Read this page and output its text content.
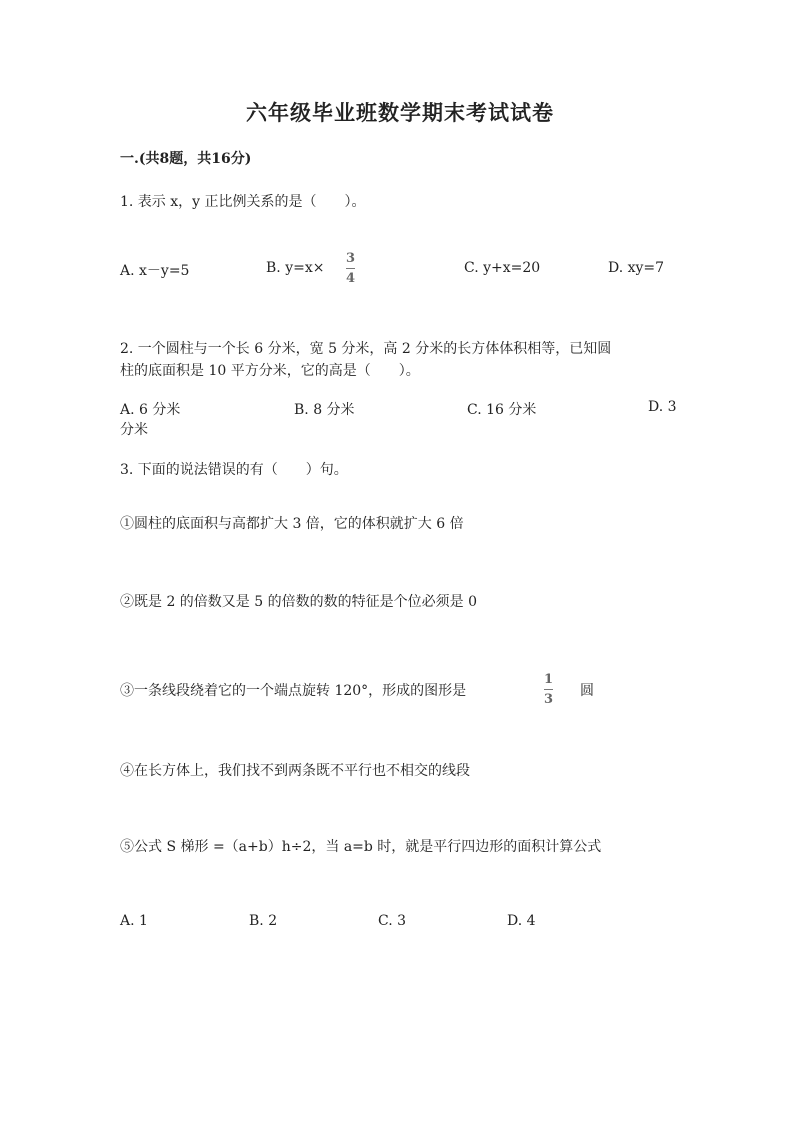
六年级毕业班数学期末考试试卷
一.(共8题，共16分)
1. 表示 x，y 正比例关系的是（　　）。
A. x－y=5	B. y=x×
3
4
C. y+x=20	D. xy=7
2. 一个圆柱与一个长 6 分米，宽 5 分米，高 2 分米的长方体体积相等，已知圆
柱的底面积是 10 平方分米，它的高是（　　）。
A. 6 分米	B. 8 分米	C. 16 分米	D. 3
分米
3. 下面的说法错误的有（　　）句。
①圆柱的底面积与高都扩大 3 倍，它的体积就扩大 6 倍
②既是 2 的倍数又是 5 的倍数的数的特征是个位必须是 0
③一条线段绕着它的一个端点旋转 120°，形成的图形是
1
3
圆
④在长方体上，我们找不到两条既不平行也不相交的线段
⑤公式 S 梯形 =（a+b）h÷2，当 a=b 时，就是平行四边形的面积计算公式
A. 1	B. 2	C. 3	D. 4
